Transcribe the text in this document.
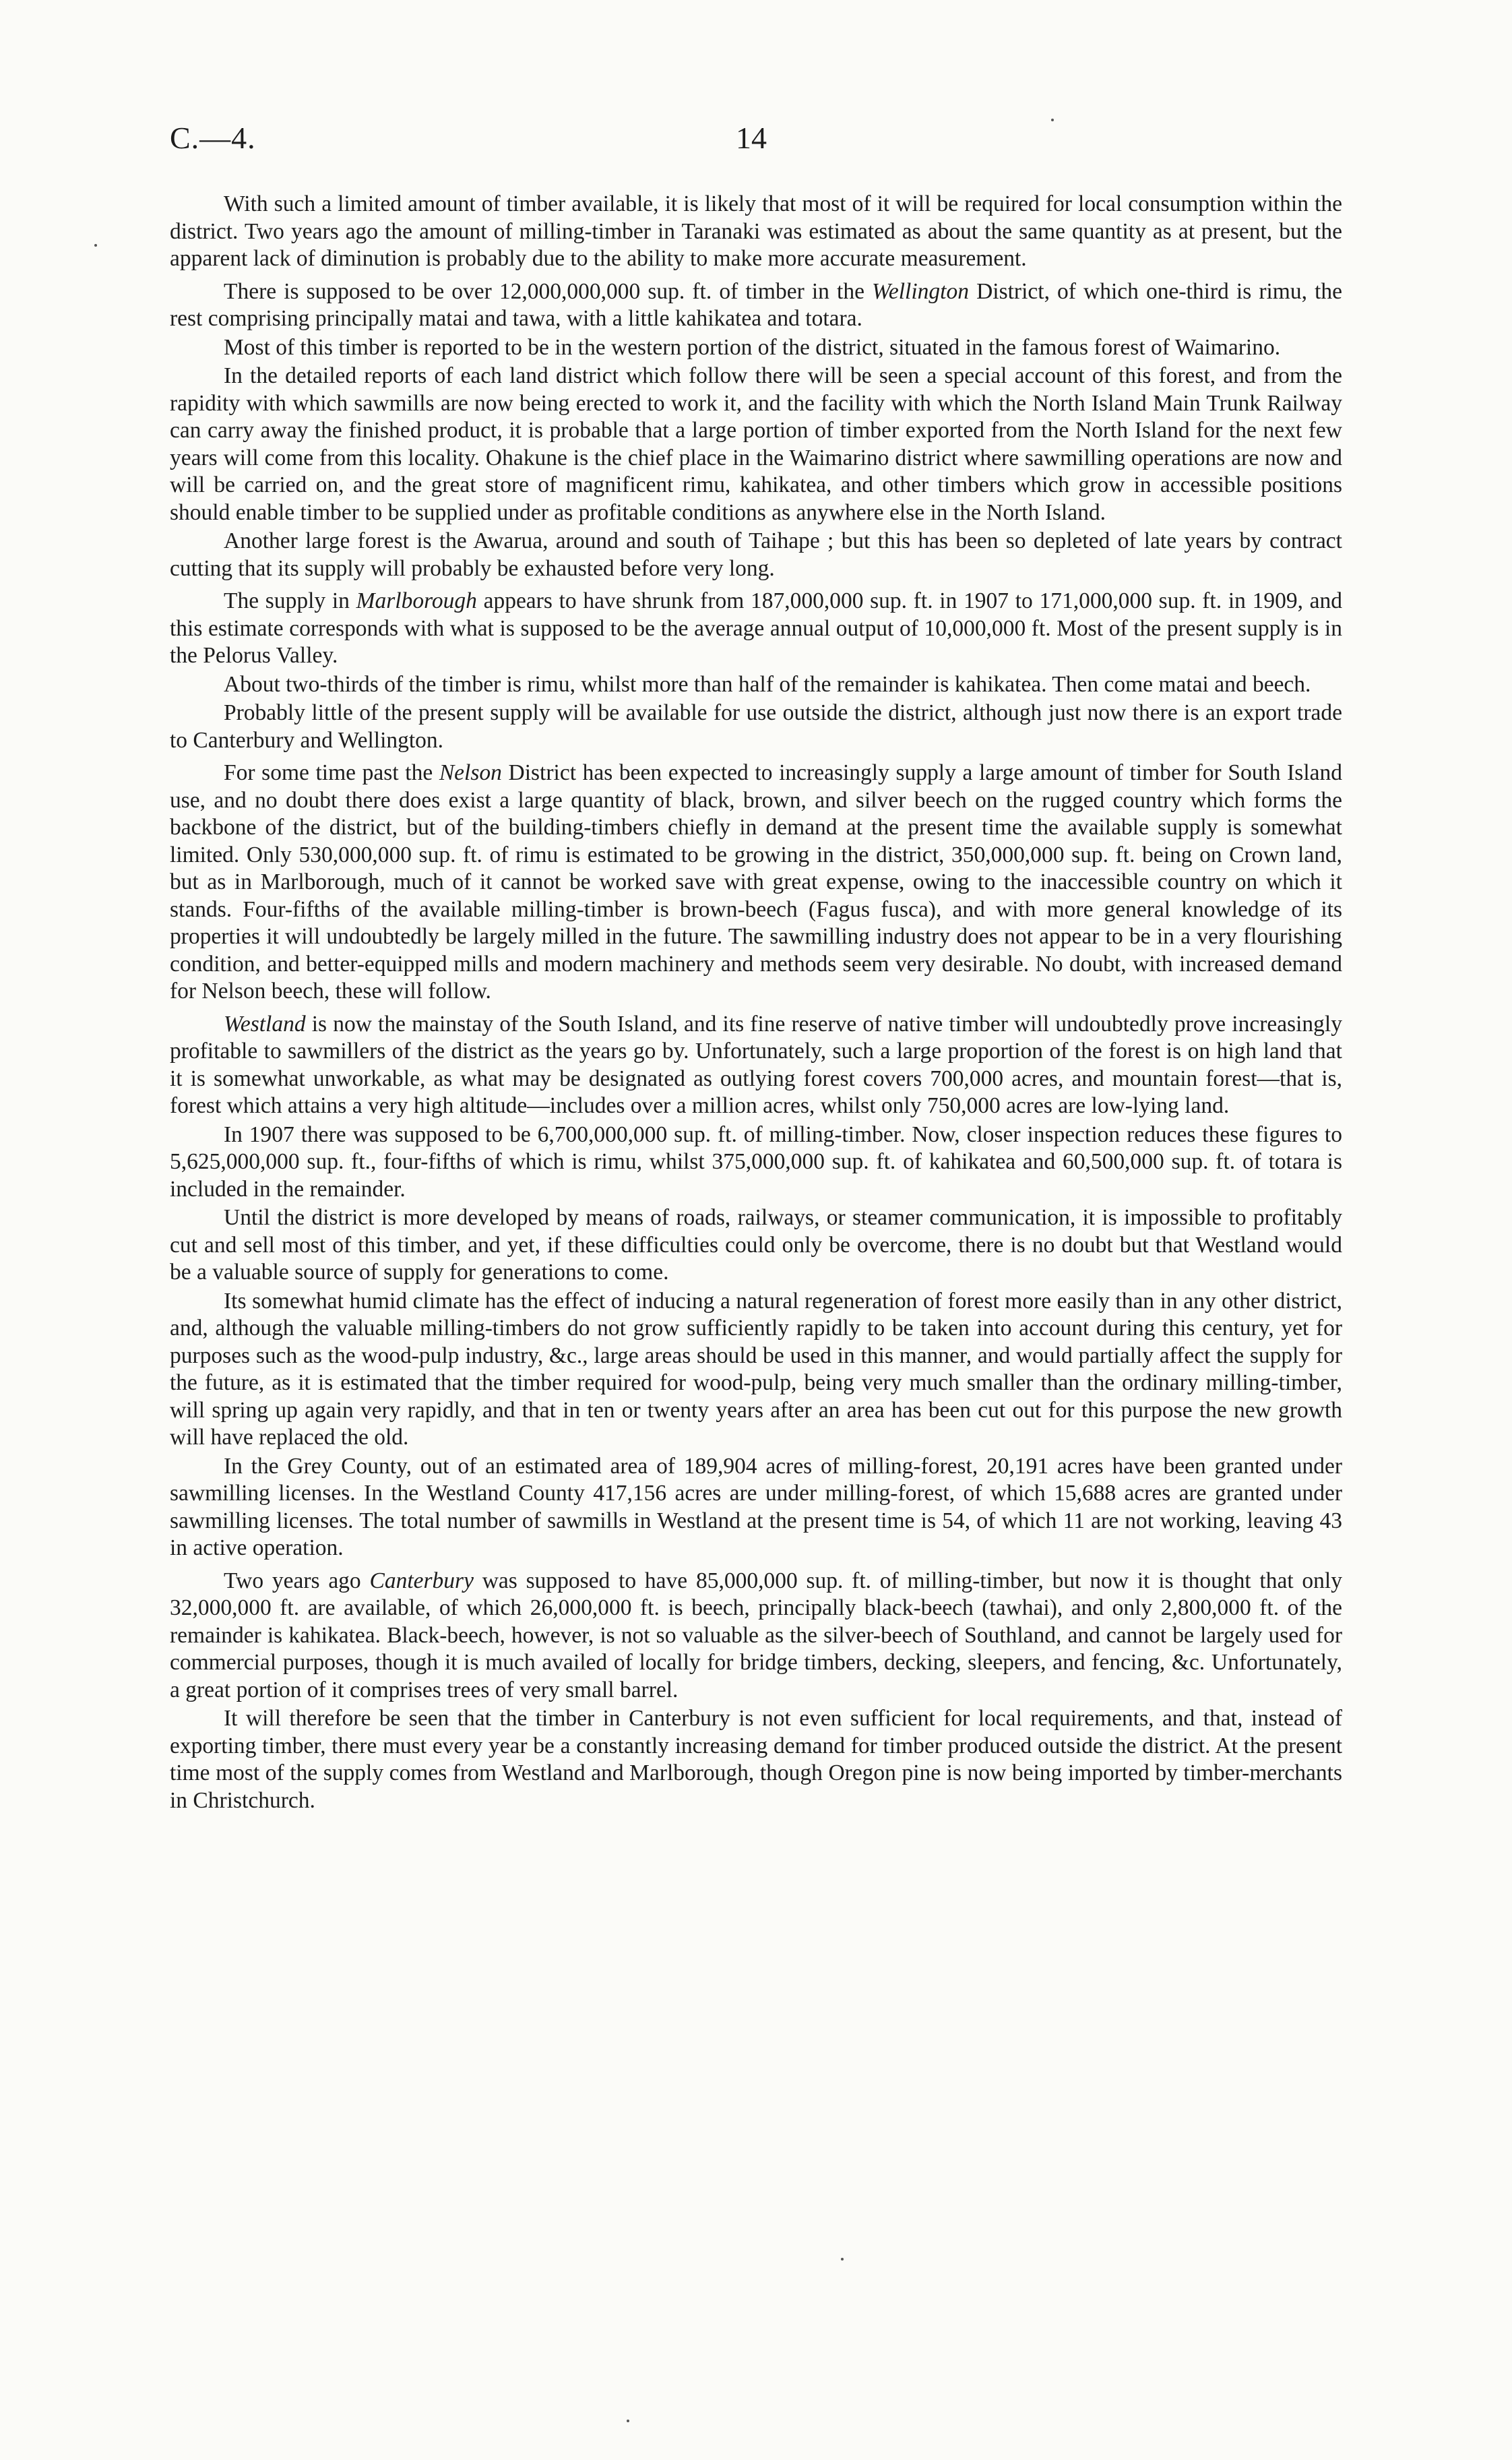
C.—4.	14

With such a limited amount of timber available, it is likely that most of it will be required for local consumption within the district. Two years ago the amount of milling-timber in Taranaki was estimated as about the same quantity as at present, but the apparent lack of diminution is probably due to the ability to make more accurate measurement.

There is supposed to be over 12,000,000,000 sup. ft. of timber in the Wellington District, of which one-third is rimu, the rest comprising principally matai and tawa, with a little kahikatea and totara.

Most of this timber is reported to be in the western portion of the district, situated in the famous forest of Waimarino.

In the detailed reports of each land district which follow there will be seen a special account of this forest, and from the rapidity with which sawmills are now being erected to work it, and the facility with which the North Island Main Trunk Railway can carry away the finished product, it is probable that a large portion of timber exported from the North Island for the next few years will come from this locality. Ohakune is the chief place in the Waimarino district where sawmilling operations are now and will be carried on, and the great store of magnificent rimu, kahikatea, and other timbers which grow in accessible positions should enable timber to be supplied under as profitable conditions as anywhere else in the North Island.

Another large forest is the Awarua, around and south of Taihape ; but this has been so depleted of late years by contract cutting that its supply will probably be exhausted before very long.

The supply in Marlborough appears to have shrunk from 187,000,000 sup. ft. in 1907 to 171,000,000 sup. ft. in 1909, and this estimate corresponds with what is supposed to be the average annual output of 10,000,000 ft. Most of the present supply is in the Pelorus Valley.

About two-thirds of the timber is rimu, whilst more than half of the remainder is kahikatea. Then come matai and beech.

Probably little of the present supply will be available for use outside the district, although just now there is an export trade to Canterbury and Wellington.

For some time past the Nelson District has been expected to increasingly supply a large amount of timber for South Island use, and no doubt there does exist a large quantity of black, brown, and silver beech on the rugged country which forms the backbone of the district, but of the building-timbers chiefly in demand at the present time the available supply is somewhat limited. Only 530,000,000 sup. ft. of rimu is estimated to be growing in the district, 350,000,000 sup. ft. being on Crown land, but as in Marlborough, much of it cannot be worked save with great expense, owing to the inaccessible country on which it stands. Four-fifths of the available milling-timber is brown-beech (Fagus fusca), and with more general knowledge of its properties it will undoubtedly be largely milled in the future. The sawmilling industry does not appear to be in a very flourishing condition, and better-equipped mills and modern machinery and methods seem very desirable. No doubt, with increased demand for Nelson beech, these will follow.

Westland is now the mainstay of the South Island, and its fine reserve of native timber will undoubtedly prove increasingly profitable to sawmillers of the district as the years go by. Unfortunately, such a large proportion of the forest is on high land that it is somewhat unworkable, as what may be designated as outlying forest covers 700,000 acres, and mountain forest—that is, forest which attains a very high altitude—includes over a million acres, whilst only 750,000 acres are low-lying land.

In 1907 there was supposed to be 6,700,000,000 sup. ft. of milling-timber. Now, closer inspection reduces these figures to 5,625,000,000 sup. ft., four-fifths of which is rimu, whilst 375,000,000 sup. ft. of kahikatea and 60,500,000 sup. ft. of totara is included in the remainder.

Until the district is more developed by means of roads, railways, or steamer communication, it is impossible to profitably cut and sell most of this timber, and yet, if these difficulties could only be overcome, there is no doubt but that Westland would be a valuable source of supply for generations to come.

Its somewhat humid climate has the effect of inducing a natural regeneration of forest more easily than in any other district, and, although the valuable milling-timbers do not grow sufficiently rapidly to be taken into account during this century, yet for purposes such as the wood-pulp industry, &c., large areas should be used in this manner, and would partially affect the supply for the future, as it is estimated that the timber required for wood-pulp, being very much smaller than the ordinary milling-timber, will spring up again very rapidly, and that in ten or twenty years after an area has been cut out for this purpose the new growth will have replaced the old.

In the Grey County, out of an estimated area of 189,904 acres of milling-forest, 20,191 acres have been granted under sawmilling licenses. In the Westland County 417,156 acres are under milling-forest, of which 15,688 acres are granted under sawmilling licenses. The total number of sawmills in Westland at the present time is 54, of which 11 are not working, leaving 43 in active operation.

Two years ago Canterbury was supposed to have 85,000,000 sup. ft. of milling-timber, but now it is thought that only 32,000,000 ft. are available, of which 26,000,000 ft. is beech, principally black-beech (tawhai), and only 2,800,000 ft. of the remainder is kahikatea. Black-beech, however, is not so valuable as the silver-beech of Southland, and cannot be largely used for commercial purposes, though it is much availed of locally for bridge timbers, decking, sleepers, and fencing, &c. Unfortunately, a great portion of it comprises trees of very small barrel.

It will therefore be seen that the timber in Canterbury is not even sufficient for local requirements, and that, instead of exporting timber, there must every year be a constantly increasing demand for timber produced outside the district. At the present time most of the supply comes from Westland and Marlborough, though Oregon pine is now being imported by timber-merchants in Christchurch.
